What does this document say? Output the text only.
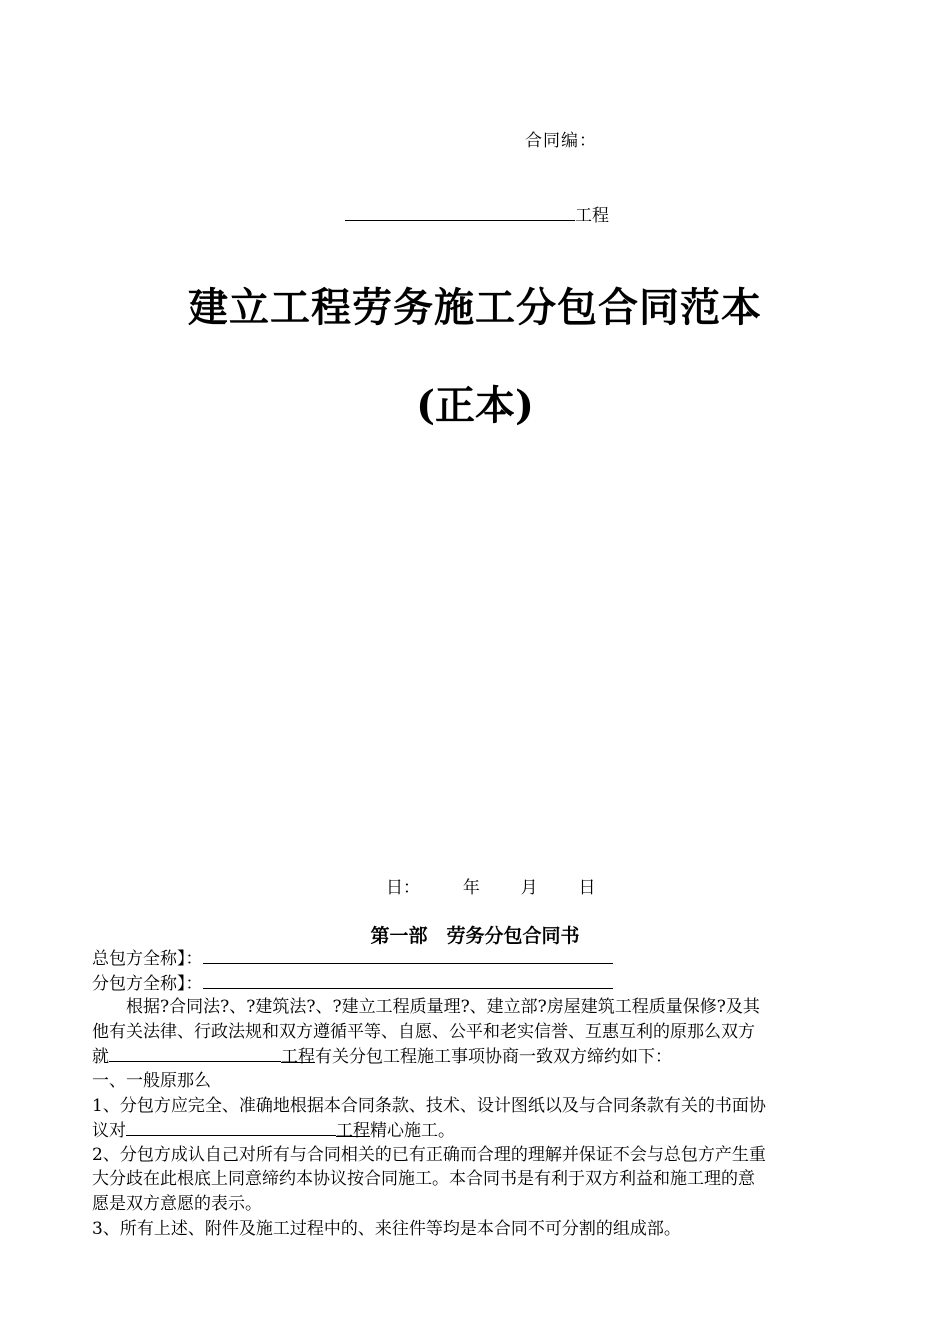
合同编：
工程
建立工程劳务施工分包合同范本
(正本)
日：	年 月 日
第一部　劳务分包合同书
总包方全称】：
分包方全称】：
根据?合同法?、?建筑法?、?建立工程质量理?、建立部?房屋建筑工程质量保修?及其
他有关法律、行政法规和双方遵循平等、自愿、公平和老实信誉、互惠互利的原那么双方
就	工程有关分包工程施工事项协商一致双方缔约如下：
一、一般原那么
1、分包方应完全、准确地根据本合同条款、技术、设计图纸以及与合同条款有关的书面协
议对	工程精心施工。
2、分包方成认自己对所有与合同相关的已有正确而合理的理解并保证不会与总包方产生重
大分歧在此根底上同意缔约本协议按合同施工。本合同书是有利于双方利益和施工理的意
愿是双方意愿的表示。
3、所有上述、附件及施工过程中的、来往件等均是本合同不可分割的组成部。
